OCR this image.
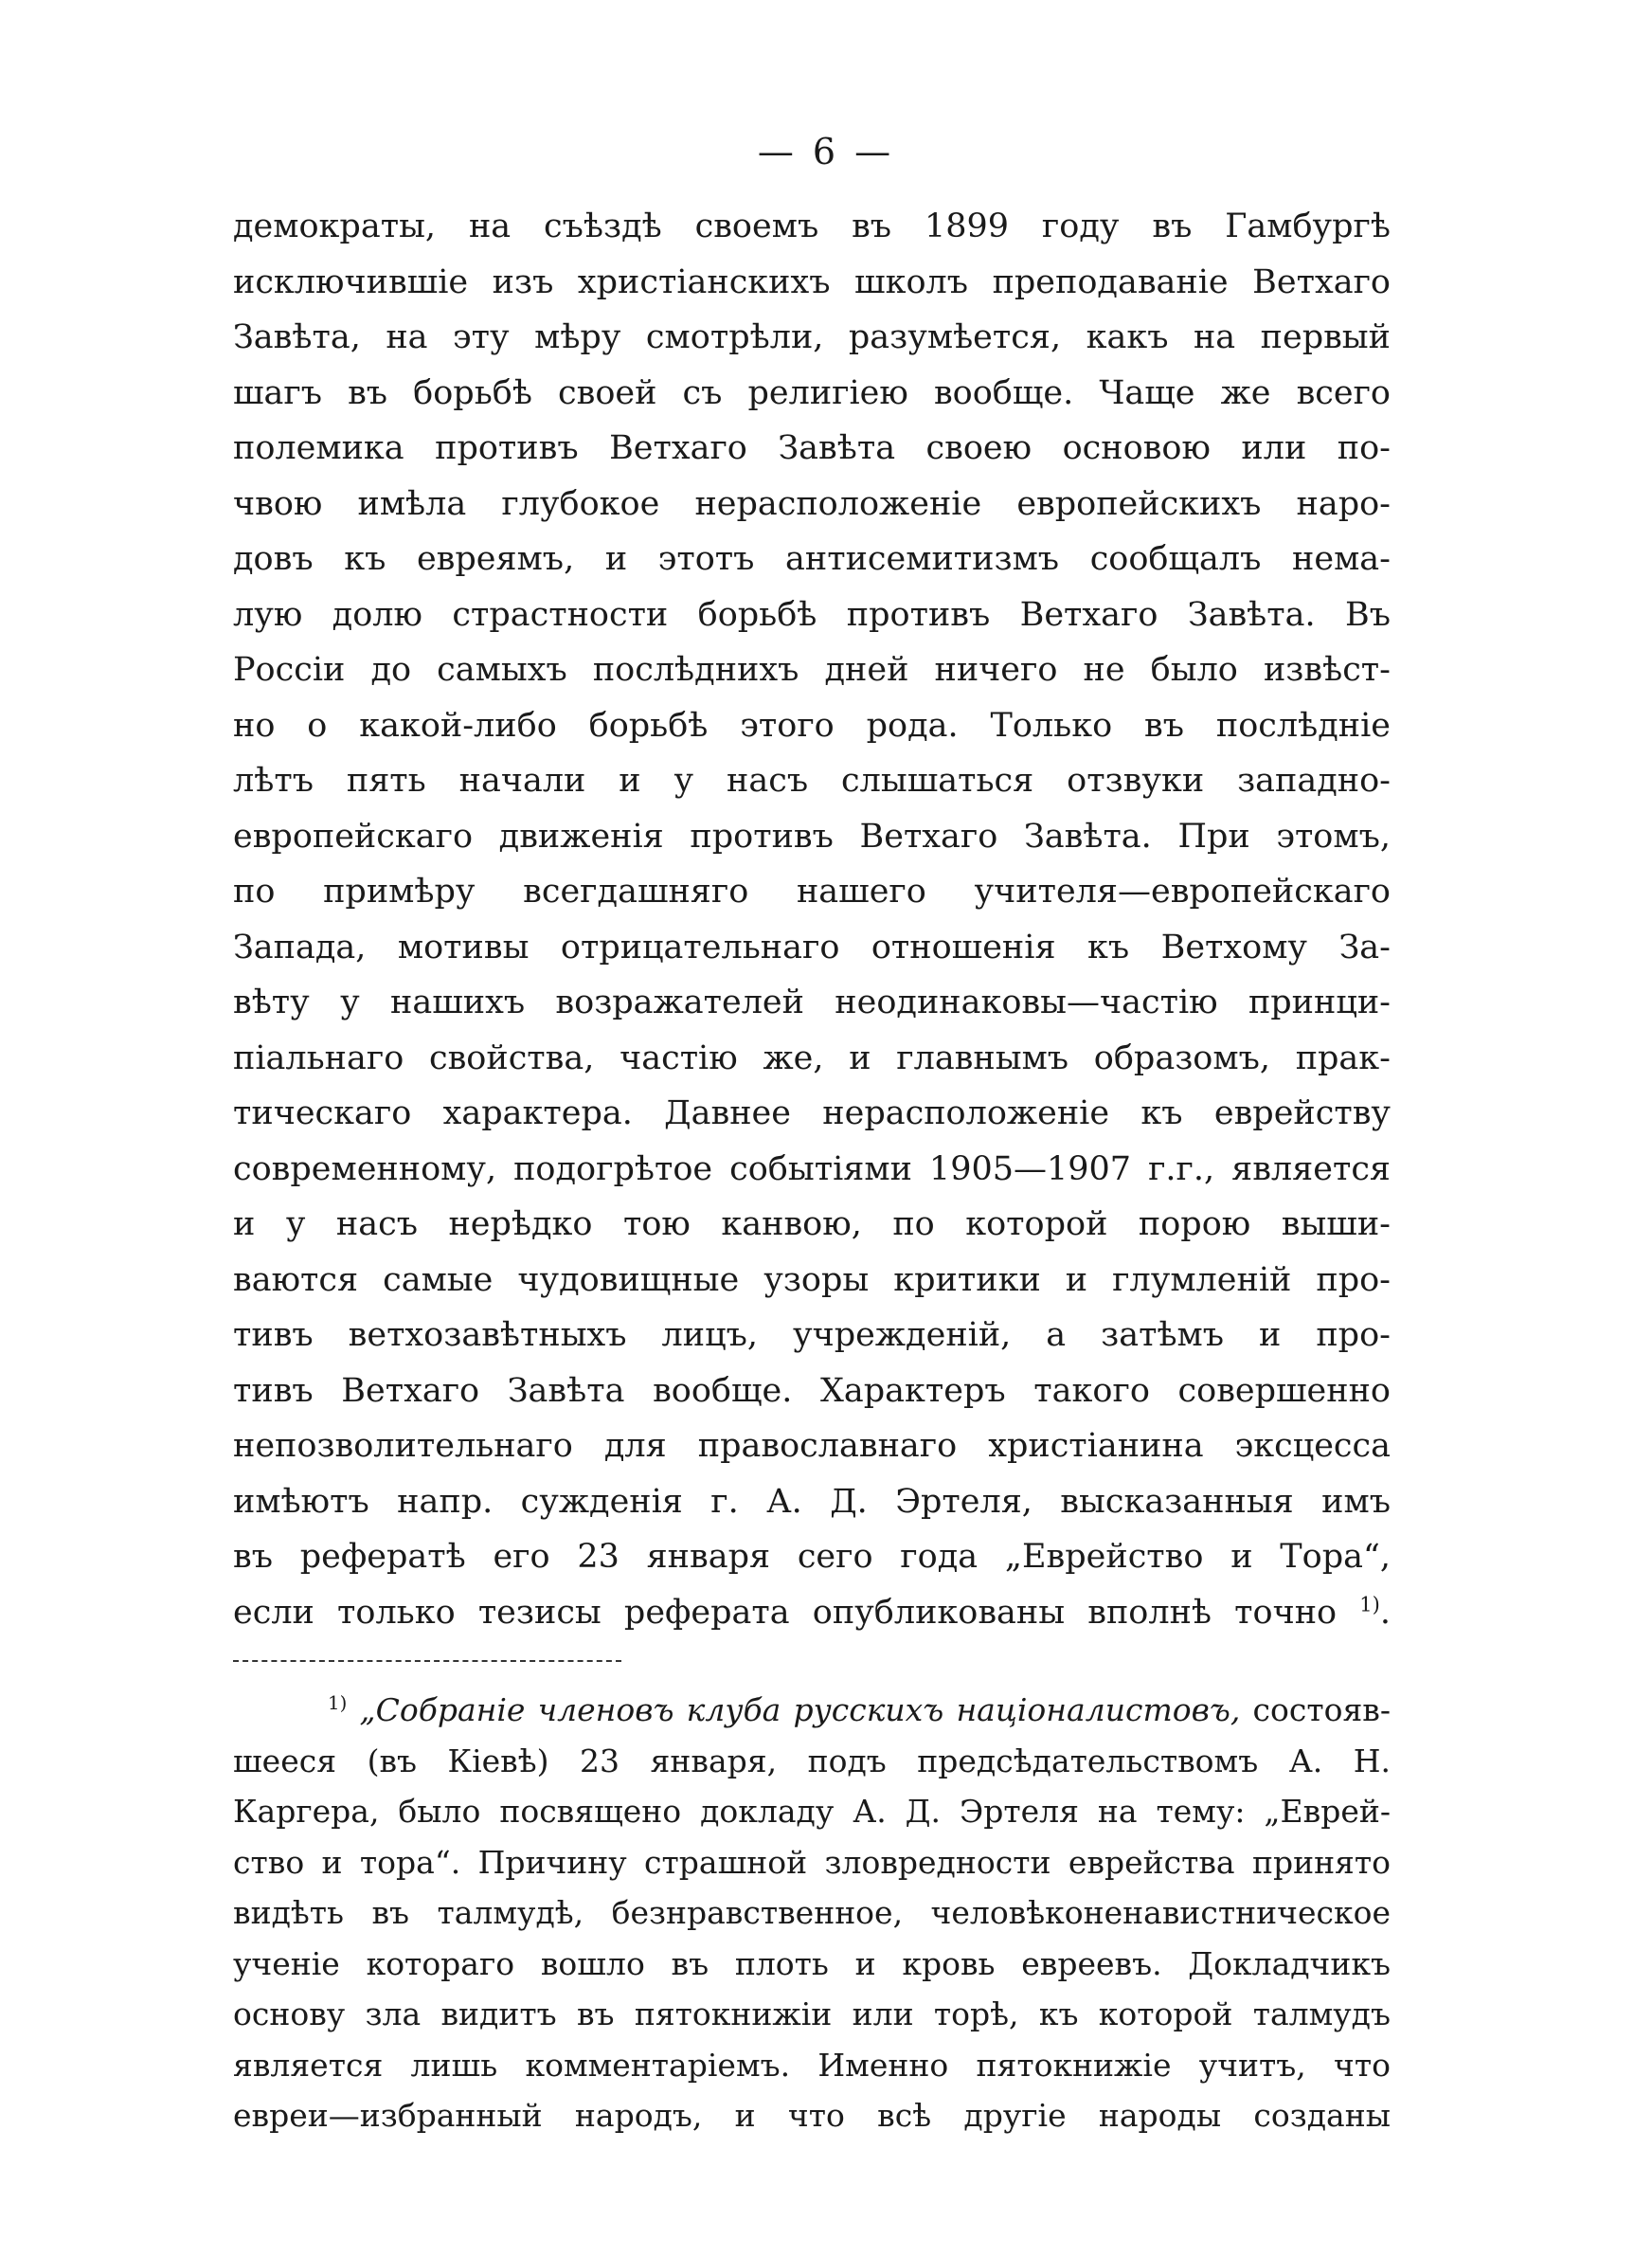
— 6 —
демократы, на съѣздѣ своемъ въ 1899 году въ Гамбургѣ
исключившіе изъ христіанскихъ школъ преподаваніе Ветхаго
Завѣта, на эту мѣру смотрѣли, разумѣется, какъ на первый
шагъ въ борьбѣ своей съ религіею вообще. Чаще же всего
полемика противъ Ветхаго Завѣта своею основою или по-
чвою имѣла глубокое нерасположеніе европейскихъ наро-
довъ къ евреямъ, и этотъ антисемитизмъ сообщалъ нема-
лую долю страстности борьбѣ противъ Ветхаго Завѣта. Въ
Россіи до самыхъ послѣднихъ дней ничего не было извѣст-
но о какой-либо борьбѣ этого рода. Только въ послѣдніе
лѣтъ пять начали и у насъ слышаться отзвуки западно-
европейскаго движенія противъ Ветхаго Завѣта. При этомъ,
по примѣру всегдашняго нашего учителя—европейскаго
Запада, мотивы отрицательнаго отношенія къ Ветхому За-
вѣту у нашихъ возражателей неодинаковы—частію принци-
піальнаго свойства, частію же, и главнымъ образомъ, прак-
тическаго характера. Давнее нерасположеніе къ еврейству
современному, подогрѣтое событіями 1905—1907 г.г., является
и у насъ нерѣдко тою канвою, по которой порою выши-
ваются самые чудовищные узоры критики и глумленій про-
тивъ ветхозавѣтныхъ лицъ, учрежденій, а затѣмъ и про-
тивъ Ветхаго Завѣта вообще. Характеръ такого совершенно
непозволительнаго для православнаго христіанина эксцесса
имѣютъ напр. сужденія г. А. Д. Эртеля, высказанныя имъ
въ рефератѣ его 23 января сего года „Еврейство и Тора“,
если только тезисы реферата опубликованы вполнѣ точно $^{1)}$.
$^{1)}$ „Собраніе членовъ клуба русскихъ націоналистовъ, состояв-
шееся (въ Кіевѣ) 23 января, подъ предсѣдательствомъ А. Н.
Каргера, было посвящено докладу А. Д. Эртеля на тему: „Еврей-
ство и тора“. Причину страшной зловредности еврейства принято
видѣть въ талмудѣ, безнравственное, человѣконенавистническое
ученіе котораго вошло въ плоть и кровь евреевъ. Докладчикъ
основу зла видитъ въ пятокнижіи или торѣ, къ которой талмудъ
является лишь комментаріемъ. Именно пятокнижіе учитъ, что
евреи—избранный народъ, и что всѣ другіе народы созданы
